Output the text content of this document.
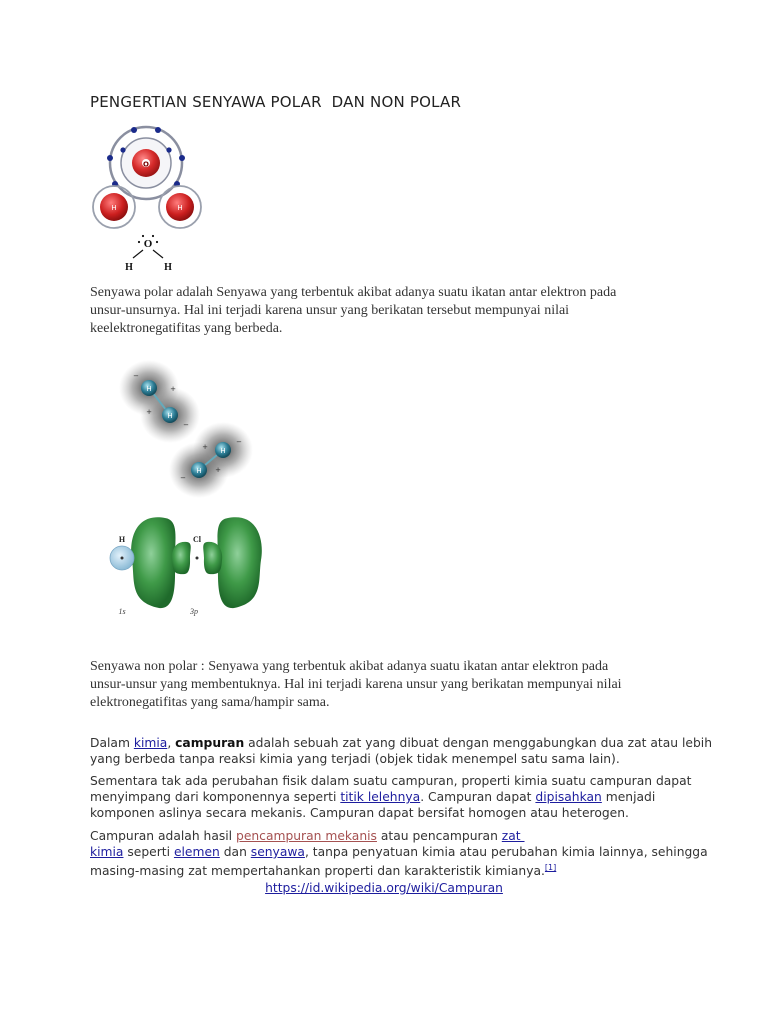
PENGERTIAN SENYAWA POLAR  DAN NON POLAR
O
H	H
O
H	H
Senyawa polar adalah Senyawa yang terbentuk akibat adanya suatu ikatan antar elektron pada
unsur-unsurnya. Hal ini terjadi karena unsur yang berikatan tersebut mempunyai nilai
keelektronegatifitas yang berbeda.
H
H
H
H
−
+
+
−
+
−
−
+
H	Cl
1s	3p
Senyawa non polar : Senyawa yang terbentuk akibat adanya suatu ikatan antar elektron pada
unsur-unsur yang membentuknya. Hal ini terjadi karena unsur yang berikatan mempunyai nilai
elektronegatifitas yang sama/hampir sama.
Dalam kimia, campuran adalah sebuah zat yang dibuat dengan menggabungkan dua zat atau lebih
yang berbeda tanpa reaksi kimia yang terjadi (objek tidak menempel satu sama lain).
Sementara tak ada perubahan fisik dalam suatu campuran, properti kimia suatu campuran dapat
menyimpang dari komponennya seperti titik lelehnya. Campuran dapat dipisahkan menjadi
komponen aslinya secara mekanis. Campuran dapat bersifat homogen atau heterogen.
Campuran adalah hasil pencampuran mekanis atau pencampuran zat
kimia seperti elemen dan senyawa, tanpa penyatuan kimia atau perubahan kimia lainnya, sehingga
masing-masing zat mempertahankan properti dan karakteristik kimianya.[1]
https://id.wikipedia.org/wiki/Campuran
